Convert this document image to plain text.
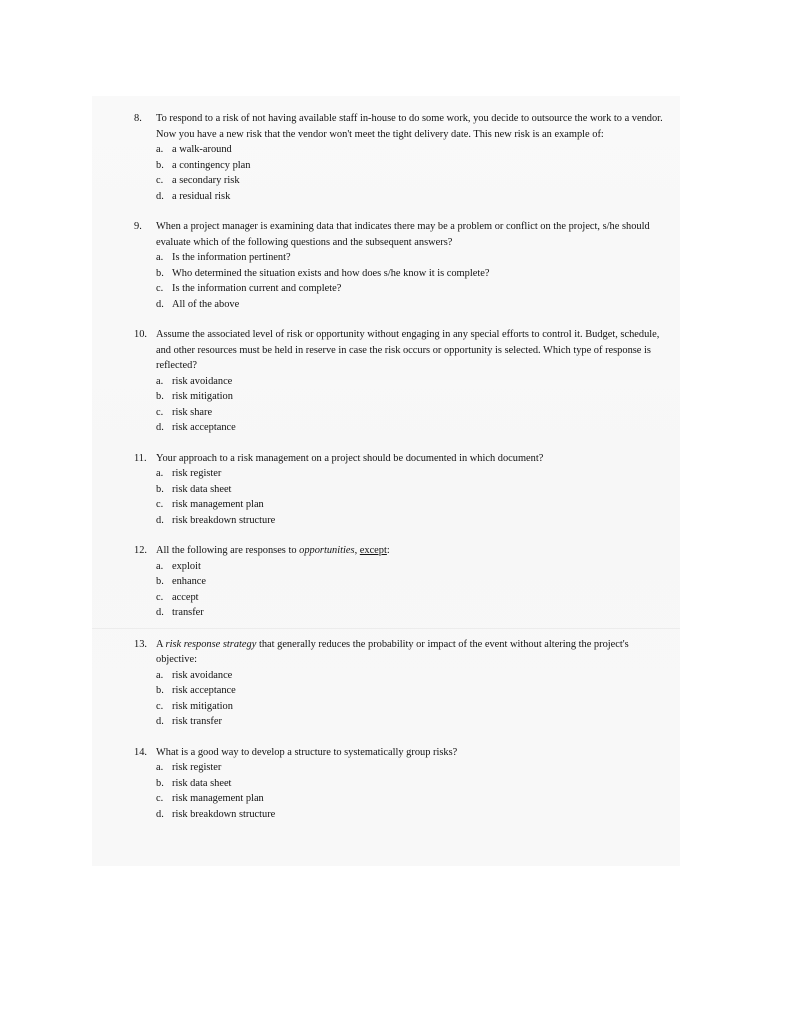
8. To respond to a risk of not having available staff in-house to do some work, you decide to outsource the work to a vendor. Now you have a new risk that the vendor won't meet the tight delivery date. This new risk is an example of:
a. a walk-around
b. a contingency plan
c. a secondary risk
d. a residual risk
9. When a project manager is examining data that indicates there may be a problem or conflict on the project, s/he should evaluate which of the following questions and the subsequent answers?
a. Is the information pertinent?
b. Who determined the situation exists and how does s/he know it is complete?
c. Is the information current and complete?
d. All of the above
10. Assume the associated level of risk or opportunity without engaging in any special efforts to control it. Budget, schedule, and other resources must be held in reserve in case the risk occurs or opportunity is selected. Which type of response is reflected?
a. risk avoidance
b. risk mitigation
c. risk share
d. risk acceptance
11. Your approach to a risk management on a project should be documented in which document?
a. risk register
b. risk data sheet
c. risk management plan
d. risk breakdown structure
12. All the following are responses to opportunities, except:
a. exploit
b. enhance
c. accept
d. transfer
13. A risk response strategy that generally reduces the probability or impact of the event without altering the project's objective:
a. risk avoidance
b. risk acceptance
c. risk mitigation
d. risk transfer
14. What is a good way to develop a structure to systematically group risks?
a. risk register
b. risk data sheet
c. risk management plan
d. risk breakdown structure
